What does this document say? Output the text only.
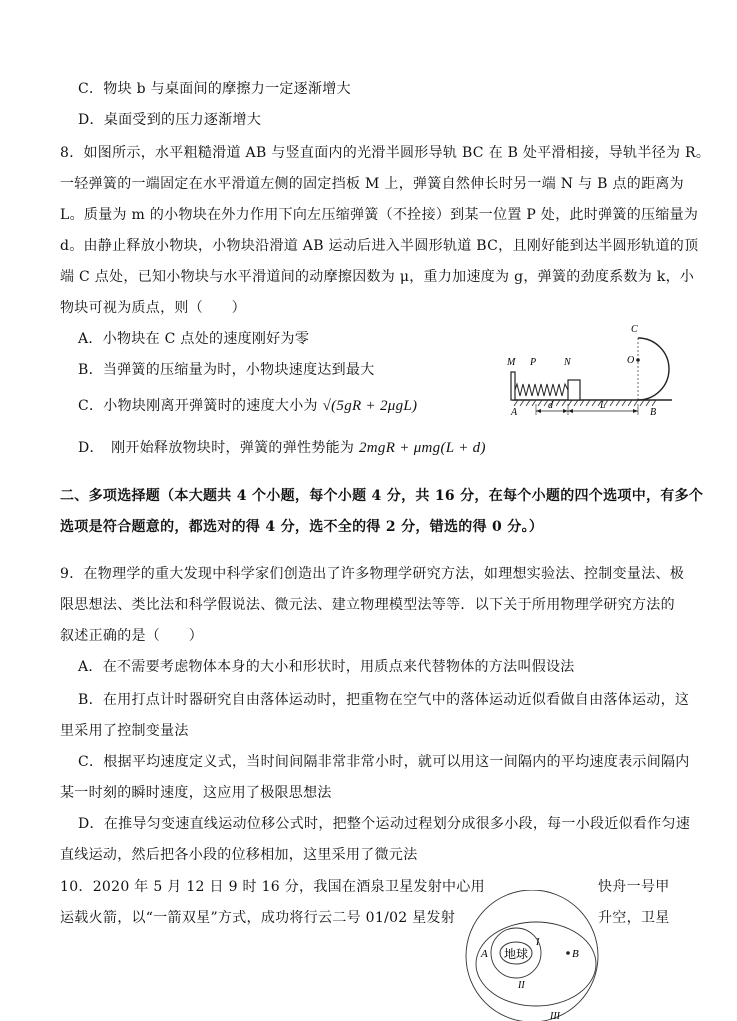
C．物块 b 与桌面间的摩擦力一定逐渐增大
D．桌面受到的压力逐渐增大
8．如图所示，水平粗糙滑道 AB 与竖直面内的光滑半圆形导轨 BC 在 B 处平滑相接，导轨半径为 R。
一轻弹簧的一端固定在水平滑道左侧的固定挡板 M 上，弹簧自然伸长时另一端 N 与 B 点的距离为
L。质量为 m 的小物块在外力作用下向左压缩弹簧（不拴接）到某一位置 P 处，此时弹簧的压缩量为
d。由静止释放小物块，小物块沿滑道 AB 运动后进入半圆形轨道 BC，且刚好能到达半圆形轨道的顶
端 C 点处，已知小物块与水平滑道间的动摩擦因数为 μ，重力加速度为 g，弹簧的劲度系数为 k，小
物块可视为质点，则（　　）
A．小物块在 C 点处的速度刚好为零
B．当弹簧的压缩量为时，小物块速度达到最大
C．小物块刚离开弹簧时的速度大小为 √(5gR + 2μgL)
D．　刚开始释放物块时，弹簧的弹性势能为 2mgR + μmg(L + d)
M P	N
A	B
C
O
d	L
二、多项选择题（本大题共 4 个小题，每个小题 4 分，共 16 分，在每个小题的四个选项中，有多个
选项是符合题意的，都选对的得 4 分，选不全的得 2 分，错选的得 0 分。）
9．在物理学的重大发现中科学家们创造出了许多物理学研究方法，如理想实验法、控制变量法、极
限思想法、类比法和科学假说法、微元法、建立物理模型法等等．以下关于所用物理学研究方法的
叙述正确的是（　　）
A．在不需要考虑物体本身的大小和形状时，用质点来代替物体的方法叫假设法
B．在用打点计时器研究自由落体运动时，把重物在空气中的落体运动近似看做自由落体运动，这
里采用了控制变量法
C．根据平均速度定义式，当时间间隔非常非常小时，就可以用这一间隔内的平均速度表示间隔内
某一时刻的瞬时速度，这应用了极限思想法
D．在推导匀变速直线运动位移公式时，把整个运动过程划分成很多小段，每一小段近似看作匀速
直线运动，然后把各小段的位移相加，这里采用了微元法
10．2020 年 5 月 12 日 9 时 16 分，我国在酒泉卫星发射中心用	快舟一号甲
运载火箭，以“一箭双星”方式，成功将行云二号 01/02 星发射	升空，卫星
地球
A	B
I
II
III
